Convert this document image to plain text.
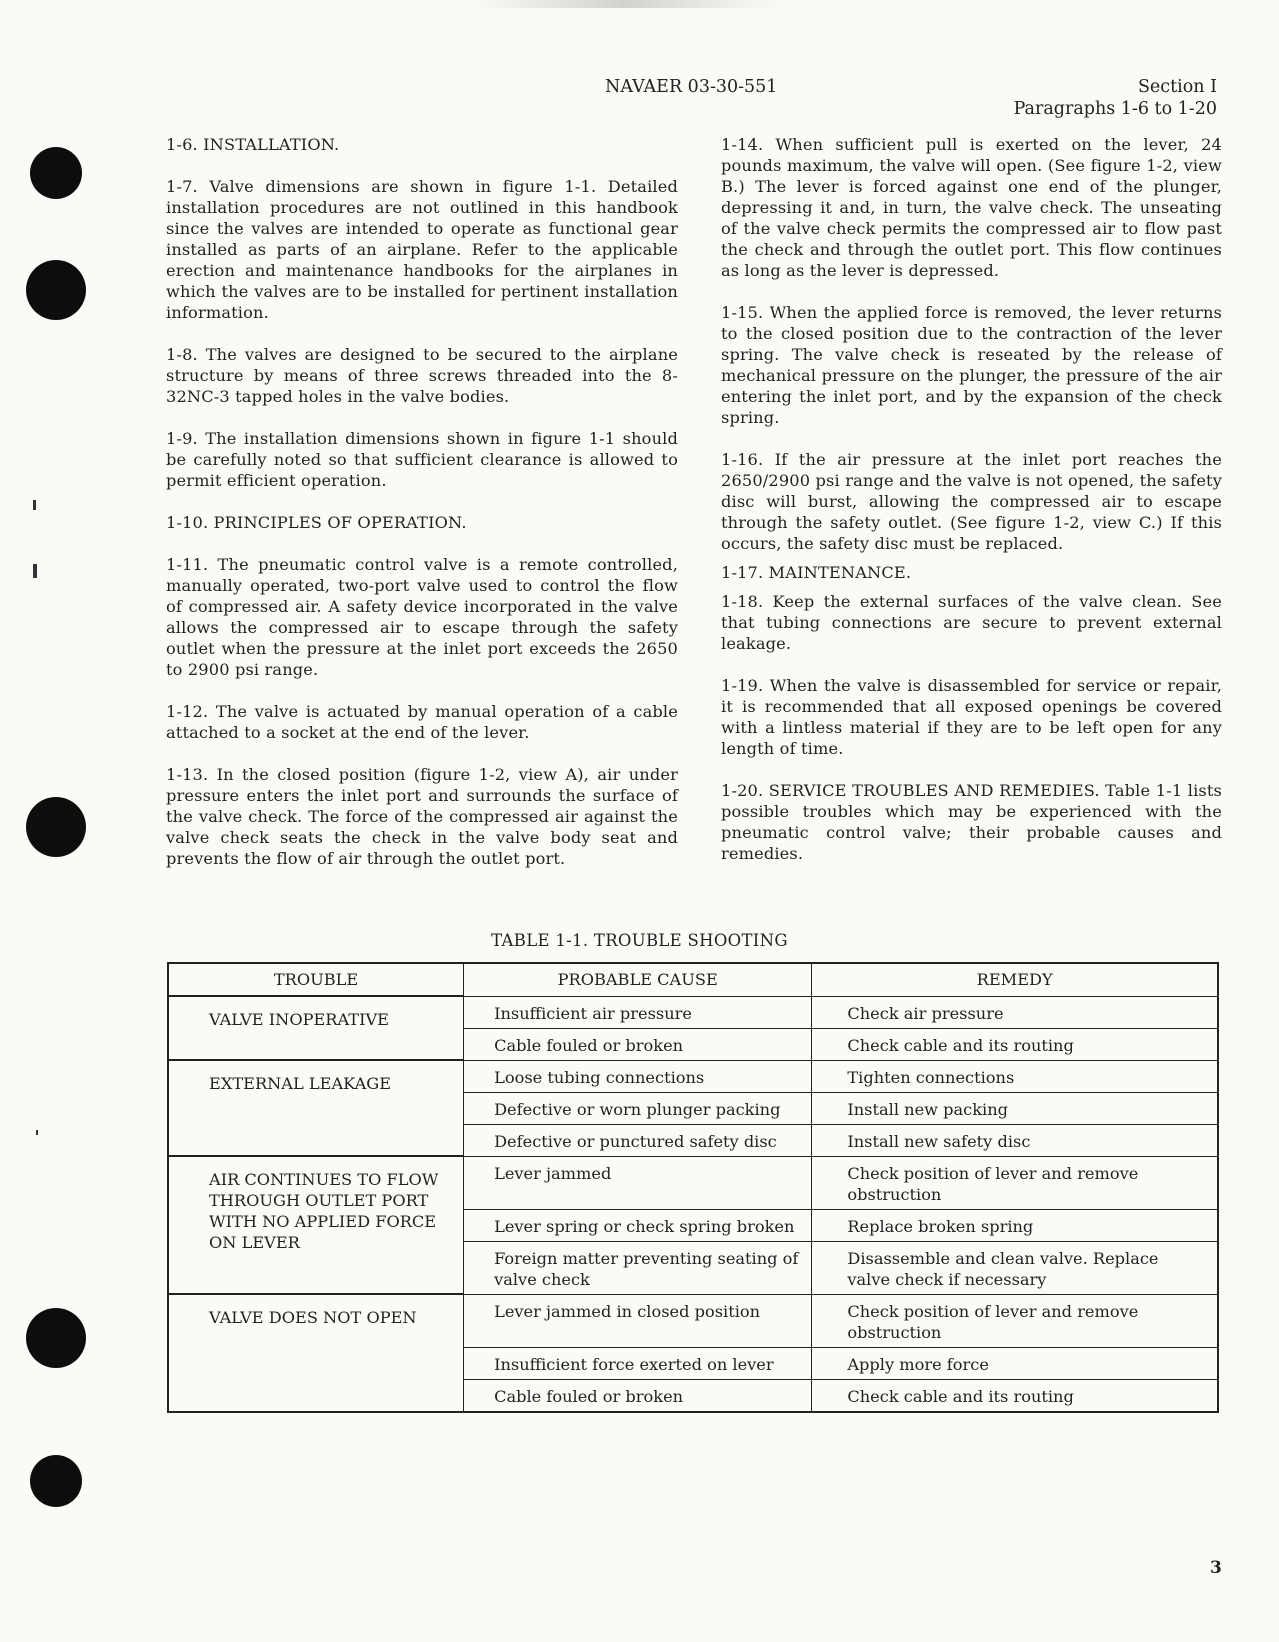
NAVAER 03-30-551	Section I
Paragraphs 1-6 to 1-20

1-6. INSTALLATION.

1-7. Valve dimensions are shown in figure 1-1. Detailed installation procedures are not outlined in this handbook since the valves are intended to operate as functional gear installed as parts of an airplane. Refer to the applicable erection and maintenance handbooks for the airplanes in which the valves are to be installed for pertinent installation information.

1-8. The valves are designed to be secured to the airplane structure by means of three screws threaded into the 8-32NC-3 tapped holes in the valve bodies.

1-9. The installation dimensions shown in figure 1-1 should be carefully noted so that sufficient clearance is allowed to permit efficient operation.

1-10. PRINCIPLES OF OPERATION.

1-11. The pneumatic control valve is a remote controlled, manually operated, two-port valve used to control the flow of compressed air. A safety device incorporated in the valve allows the compressed air to escape through the safety outlet when the pressure at the inlet port exceeds the 2650 to 2900 psi range.

1-12. The valve is actuated by manual operation of a cable attached to a socket at the end of the lever.

1-13. In the closed position (figure 1-2, view A), air under pressure enters the inlet port and surrounds the surface of the valve check. The force of the compressed air against the valve check seats the check in the valve body seat and prevents the flow of air through the outlet port.

1-14. When sufficient pull is exerted on the lever, 24 pounds maximum, the valve will open. (See figure 1-2, view B.) The lever is forced against one end of the plunger, depressing it and, in turn, the valve check. The unseating of the valve check permits the compressed air to flow past the check and through the outlet port. This flow continues as long as the lever is depressed.

1-15. When the applied force is removed, the lever returns to the closed position due to the contraction of the lever spring. The valve check is reseated by the release of mechanical pressure on the plunger, the pressure of the air entering the inlet port, and by the expansion of the check spring.

1-16. If the air pressure at the inlet port reaches the 2650/2900 psi range and the valve is not opened, the safety disc will burst, allowing the compressed air to escape through the safety outlet. (See figure 1-2, view C.) If this occurs, the safety disc must be replaced.

1-17. MAINTENANCE.

1-18. Keep the external surfaces of the valve clean. See that tubing connections are secure to prevent external leakage.

1-19. When the valve is disassembled for service or repair, it is recommended that all exposed openings be covered with a lintless material if they are to be left open for any length of time.

1-20. SERVICE TROUBLES AND REMEDIES. Table 1-1 lists possible troubles which may be experienced with the pneumatic control valve; their probable causes and remedies.

TABLE 1-1. TROUBLE SHOOTING
TROUBLE	PROBABLE CAUSE	REMEDY
VALVE INOPERATIVE	Insufficient air pressure	Check air pressure
	Cable fouled or broken	Check cable and its routing
EXTERNAL LEAKAGE	Loose tubing connections	Tighten connections
	Defective or worn plunger packing	Install new packing
	Defective or punctured safety disc	Install new safety disc
AIR CONTINUES TO FLOW THROUGH OUTLET PORT WITH NO APPLIED FORCE ON LEVER	Lever jammed	Check position of lever and remove obstruction
	Lever spring or check spring broken	Replace broken spring
	Foreign matter preventing seating of valve check	Disassemble and clean valve. Replace valve check if necessary
VALVE DOES NOT OPEN	Lever jammed in closed position	Check position of lever and remove obstruction
	Insufficient force exerted on lever	Apply more force
	Cable fouled or broken	Check cable and its routing
3
